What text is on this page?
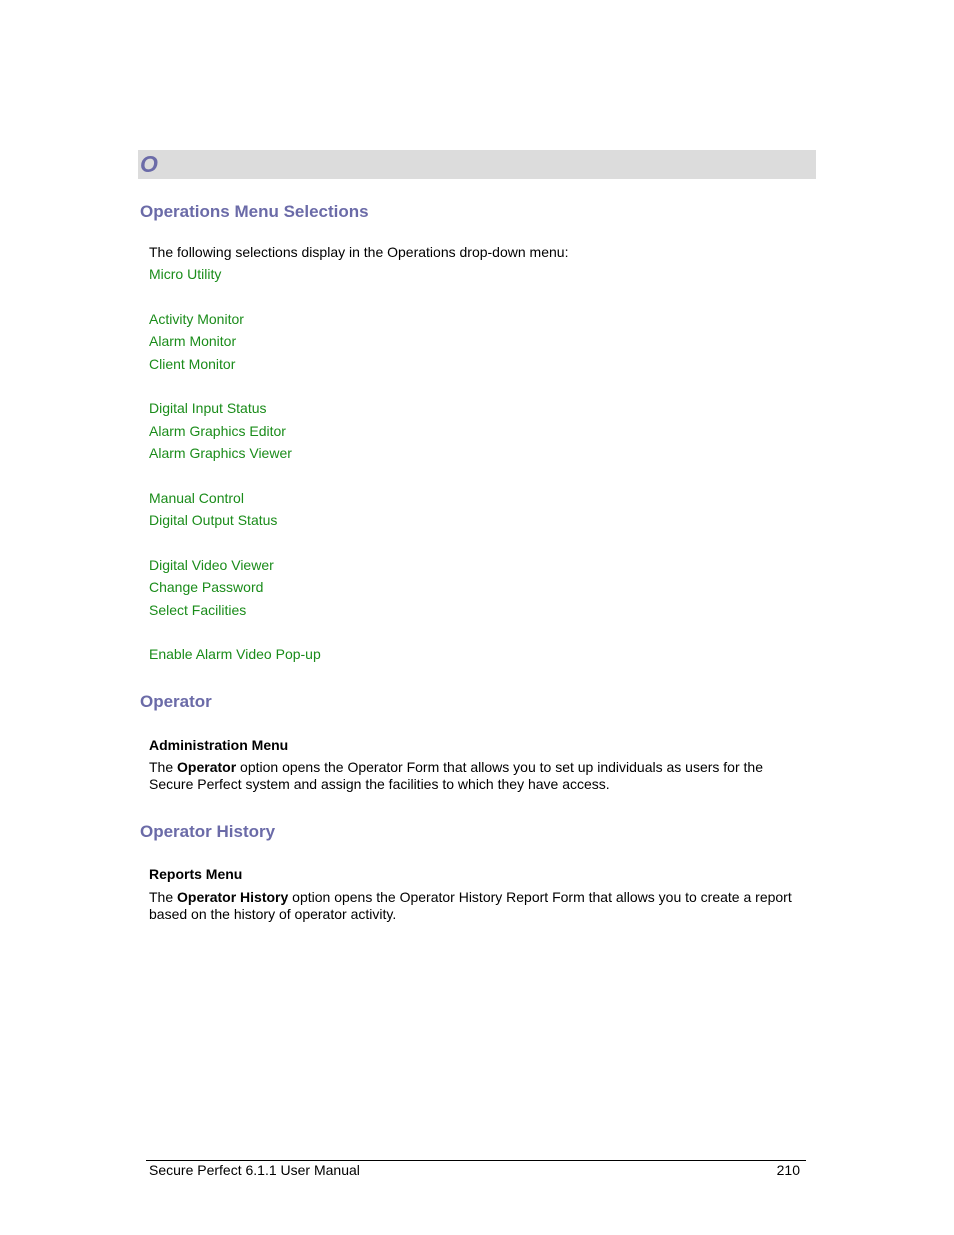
O
Operations Menu Selections
The following selections display in the Operations drop-down menu:
Micro Utility
Activity Monitor
Alarm Monitor
Client Monitor
Digital Input Status
Alarm Graphics Editor
Alarm Graphics Viewer
Manual Control
Digital Output Status
Digital Video Viewer
Change Password
Select Facilities
Enable Alarm Video Pop-up
Operator
Administration Menu
The Operator option opens the Operator Form that allows you to set up individuals as users for the Secure Perfect system and assign the facilities to which they have access.
Operator History
Reports Menu
The Operator History option opens the Operator History Report Form that allows you to create a report based on the history of operator activity.
Secure Perfect 6.1.1 User Manual	210
